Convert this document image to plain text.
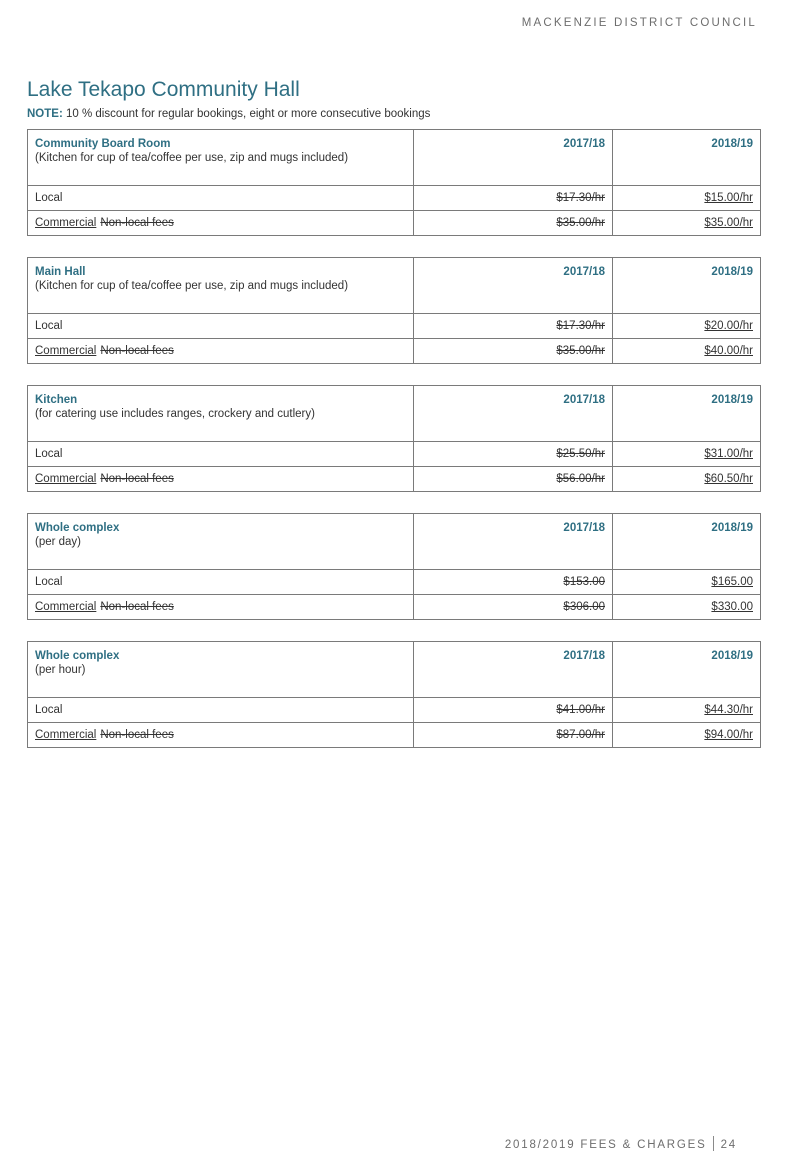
MACKENZIE DISTRICT COUNCIL
Lake Tekapo Community Hall
NOTE: 10 % discount for regular bookings, eight or more consecutive bookings
Community Board Room
(Kitchen for cup of tea/coffee per use, zip and mugs included)	2017/18	2018/19
Local	$17.30/hr	$15.00/hr
Commercial Non-local fees	$35.00/hr	$35.00/hr
Main Hall
(Kitchen for cup of tea/coffee per use, zip and mugs included)	2017/18	2018/19
Local	$17.30/hr	$20.00/hr
Commercial Non-local fees	$35.00/hr	$40.00/hr
Kitchen
(for catering use includes ranges, crockery and cutlery)	2017/18	2018/19
Local	$25.50/hr	$31.00/hr
Commercial Non-local fees	$56.00/hr	$60.50/hr
Whole complex
(per day)	2017/18	2018/19
Local	$153.00	$165.00
Commercial Non-local fees	$306.00	$330.00
Whole complex
(per hour)	2017/18	2018/19
Local	$41.00/hr	$44.30/hr
Commercial Non-local fees	$87.00/hr	$94.00/hr
2018/2019 FEES & CHARGES 24
